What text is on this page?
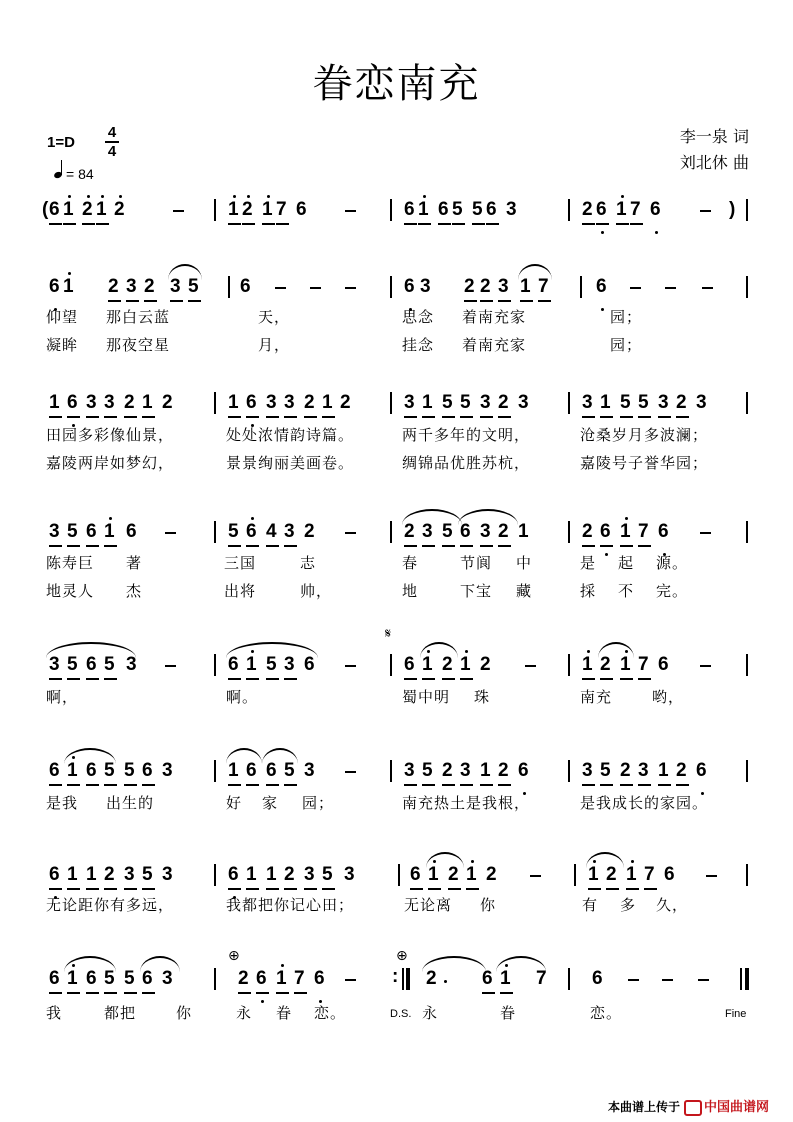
眷恋南充
李一泉 词
刘北休 曲
1=D
4
4
= 84
( 6 1 2 1 2	1 2 1 7 6	6 1 6 5 5 6 3	2 6 1 7 6	)
6 1 2 3 2 3 5 6	6 3 2 2 3 1 7 6
仰望 那白云蓝	天，	思念 着南充家	园；
凝眸 那夜空星	月，	挂念 着南充家	园；
1 6 3 3 2 1 2	1 6 3 3 2 1 2	3 1 5 5 3 2 3	3 1 5 5 3 2 3
田园多彩像仙景，	处处浓情韵诗篇。	两千多年的文明，	沧桑岁月多波澜；
嘉陵两岸如梦幻，	景景绚丽美画卷。	绸锦品优胜苏杭，	嘉陵号子誉华园；
3 5 6 1 6	5 6 4 3 2	2 3 5 6 3 2 1	2 6 1 7 6
陈寿巨 著	三国	志	春	节阆 中	是 起 源。
地灵人 杰	出将	帅，	地	下宝 藏	採 不 完。
𝄋
3 5 6 5 3	6 1 5 3 6	6 1 2 1 2	1 2 1 7 6
啊，	啊。	蜀中明 珠	南充	哟，
6 1 6 5 5 6 3	1 6 6 5 3	3 5 2 3 1 2 6	3 5 2 3 1 2 6
是我 出生的	好 家 园；	南充热土是我根，	是我成长的家园。
6 1 1 2 3 5 3	6 1 1 2 3 5 3	6 1 2 1 2	1 2 1 7 6
无论距你有多远，	我都把你记心田；	无论离 你	有 多 久，
⊕	⊕
6 1 6 5 5 6 3	2 6 1 7 6	2 6 1 7 6
:
我	都把	你	永 眷 恋。	永	眷	恋。
D.S.	Fine
本曲谱上传于 中国曲谱网
